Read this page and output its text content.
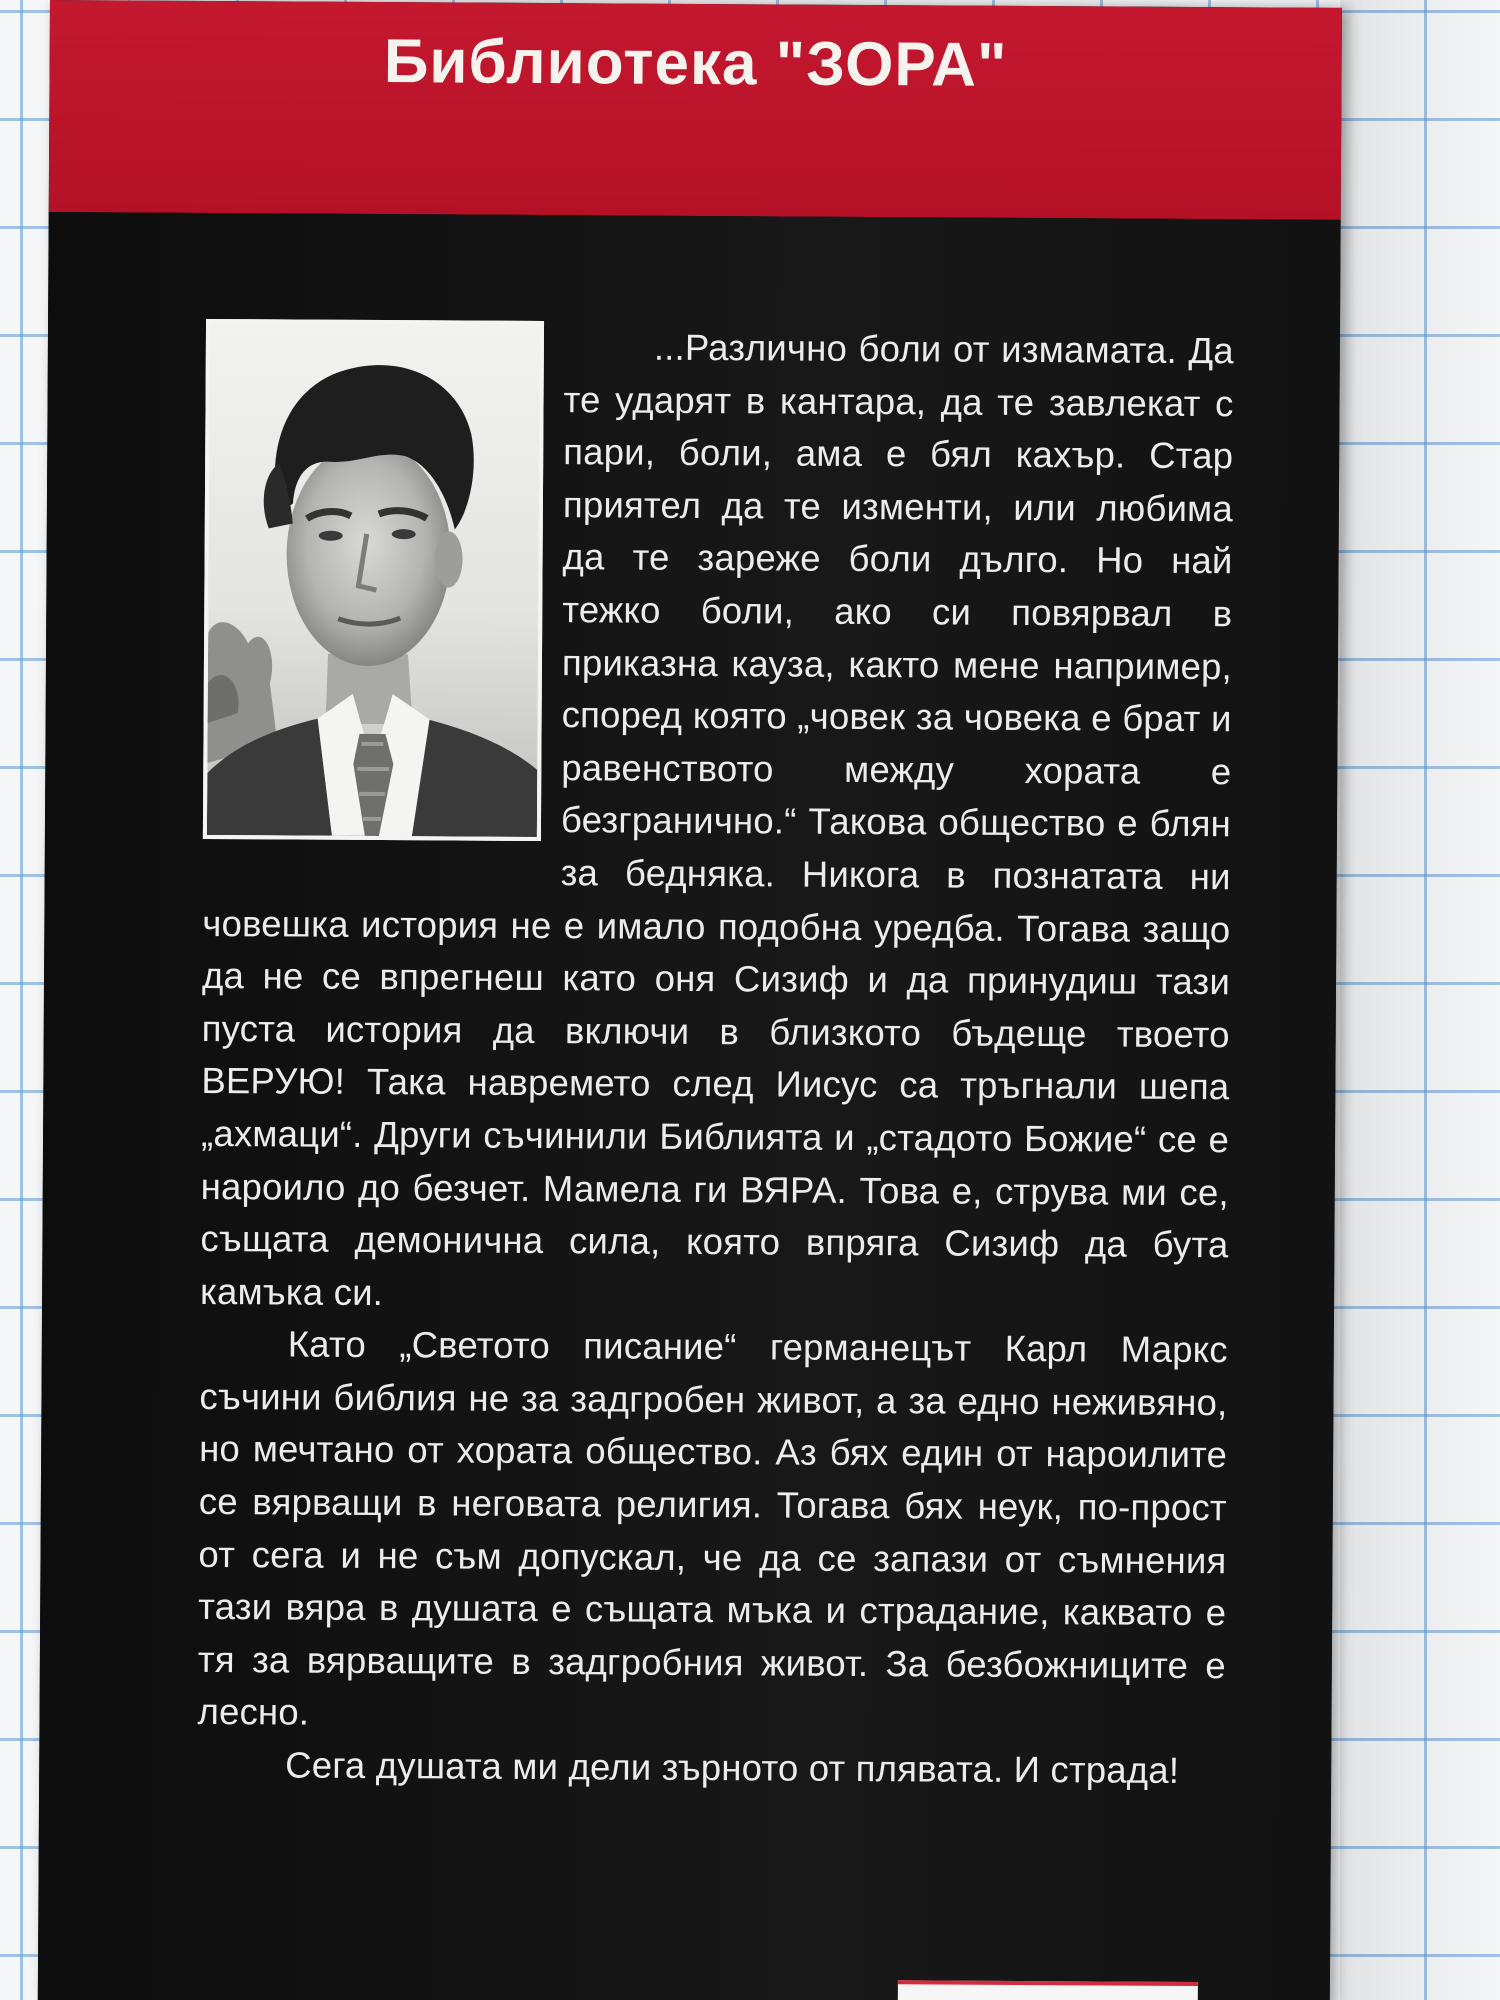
Библиотека "ЗОРА"

...Различно боли от измамата. Да те ударят в кантара, да те завлекат с пари, боли, ама е бял кахър. Стар приятел да те изменти, или любима да те зареже боли дълго. Но най тежко боли, ако си повярвал в приказна кауза, както мене например, според която „човек за човека е брат и равенството между хората е безгранично.“ Такова общество е блян за бедняка. Никога в познатата ни човешка история не е имало подобна уредба. Тогава защо да не се впрегнеш като оня Сизиф и да принудиш тази пуста история да включи в близкото бъдеще твоето ВЕРУЮ! Така навремето след Иисус са тръгнали шепа „ахмаци“. Други съчинили Библията и „стадото Божие“ се е нароило до безчет. Мамела ги ВЯРА. Това е, струва ми се, същата демонична сила, която впряга Сизиф да бута камъка си.

Като „Светото писание“ германецът Карл Маркс съчини библия не за задгробен живот, а за едно неживяно, но мечтано от хората общество. Аз бях един от нароилите се вярващи в неговата религия. Тогава бях неук, по-прост от сега и не съм допускал, че да се запази от съмнения тази вяра в душата е същата мъка и страдание, каквато е тя за вярващите в задгробния живот. За безбожниците е лесно.

Сега душата ми дели зърното от плявата. И страда!
